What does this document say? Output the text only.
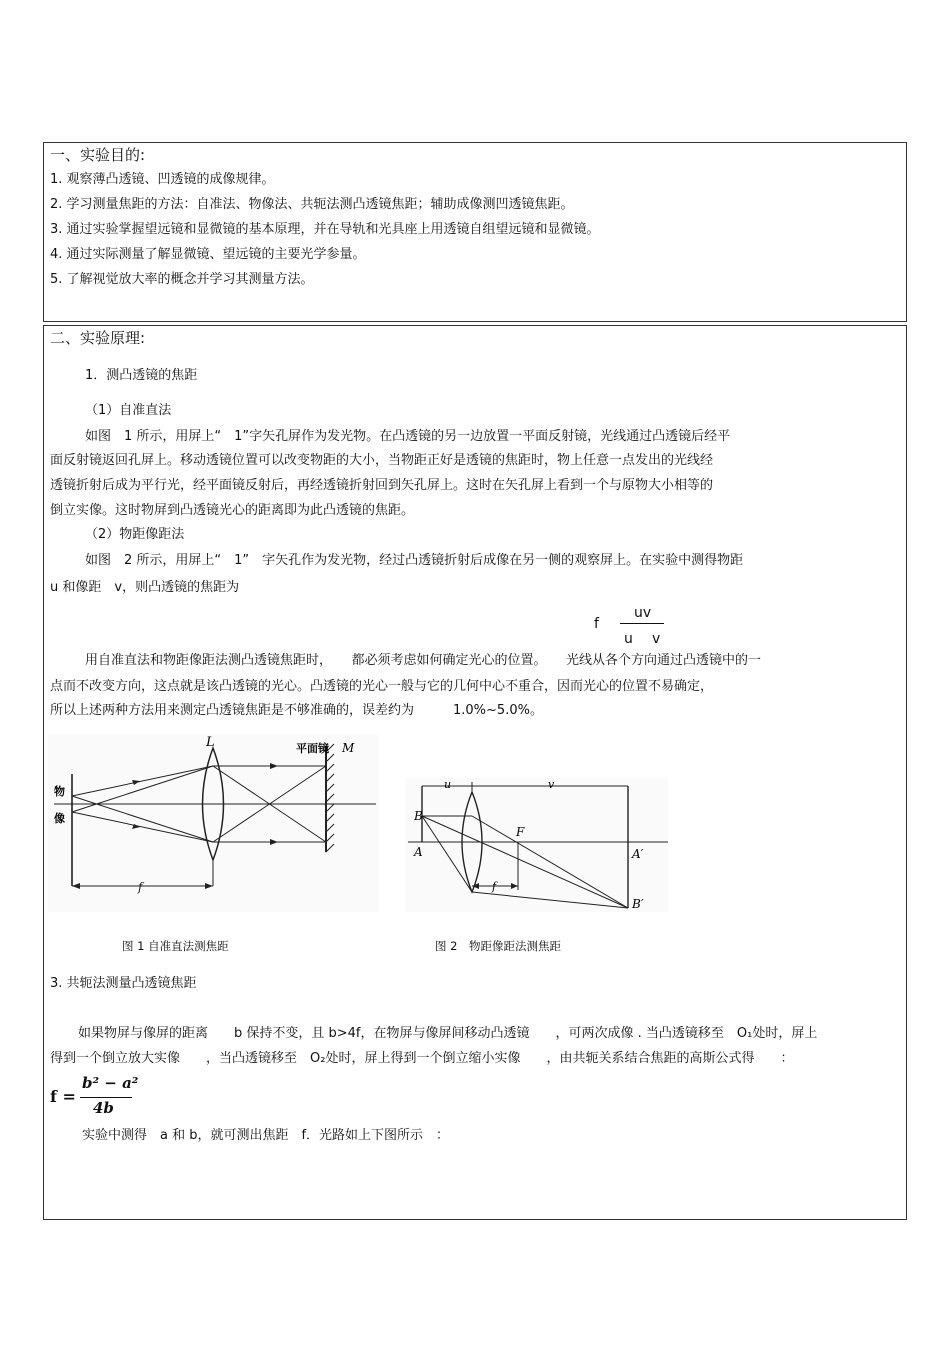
一、实验目的:
1. 观察薄凸透镜、凹透镜的成像规律。
2. 学习测量焦距的方法：自准法、物像法、共轭法测凸透镜焦距；辅助成像测凹透镜焦距。
3. 通过实验掌握望远镜和显微镜的基本原理，并在导轨和光具座上用透镜自组望远镜和显微镜。
4. 通过实际测量了解显微镜、望远镜的主要光学参量。
5. 了解视觉放大率的概念并学习其测量方法。
二、实验原理:
1．测凸透镜的焦距
（1）自准直法
如图　1 所示，用屏上“　1”字矢孔屏作为发光物。在凸透镜的另一边放置一平面反射镜，光线通过凸透镜后经平
面反射镜返回孔屏上。移动透镜位置可以改变物距的大小，当物距正好是透镜的焦距时，物上任意一点发出的光线经
透镜折射后成为平行光，经平面镜反射后，再经透镜折射回到矢孔屏上。这时在矢孔屏上看到一个与原物大小相等的
倒立实像。这时物屏到凸透镜光心的距离即为此凸透镜的焦距。
（2）物距像距法
如图　2 所示，用屏上“　1”　字矢孔作为发光物，经过凸透镜折射后成像在另一侧的观察屏上。在实验中测得物距
u 和像距　v，则凸透镜的焦距为
f
uv
u v
用自准直法和物距像距法测凸透镜焦距时，　　都必须考虑如何确定光心的位置。　　光线从各个方向通过凸透镜中的一
点而不改变方向，这点就是该凸透镜的光心。凸透镜的光心一般与它的几何中心不重合，因而光心的位置不易确定，
所以上述两种方法用来测定凸透镜焦距是不够准确的，误差约为　　　1.0%~5.0%。
L	平面镜 M
物
像
f
B
A
F
A′
B′
u	v
f
图 1 自准直法测焦距	图 2　物距像距法测焦距
3. 共轭法测量凸透镜焦距
如果物屏与像屏的距离　　b 保持不变，且 b>4f，在物屏与像屏间移动凸透镜　　，可两次成像 . 当凸透镜移至　O₁处时，屏上
得到一个倒立放大实像　　，当凸透镜移至　O₂处时，屏上得到一个倒立缩小实像　　，由共轭关系结合焦距的高斯公式得　　：
f =
b² − a²
4b
实验中测得　a 和 b，就可测出焦距　f．光路如上下图所示　：
